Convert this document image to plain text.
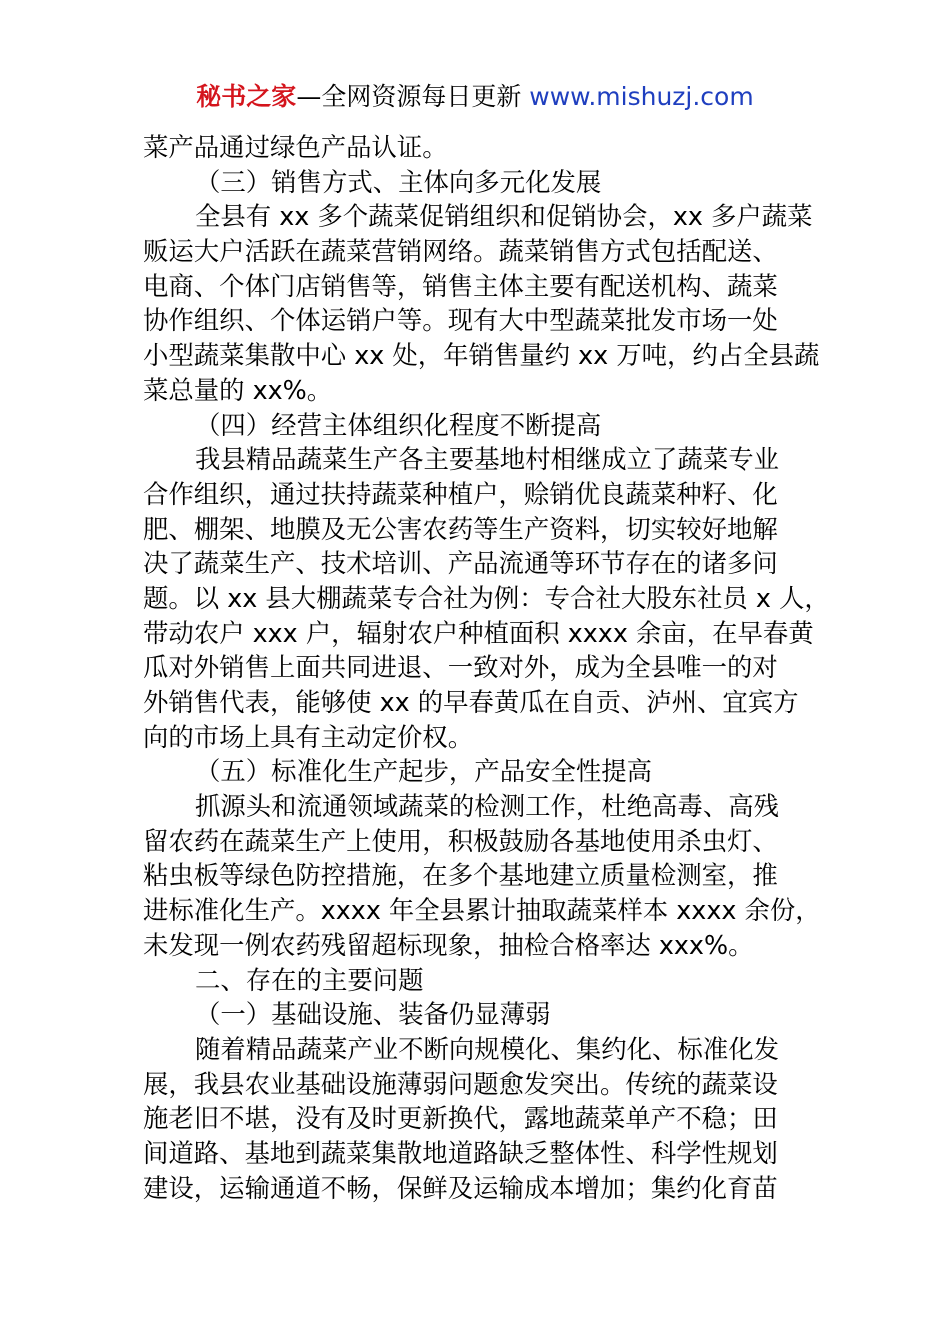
秘书之家—全网资源每日更新 www.mishuzj.com
菜产品通过绿色产品认证。
（三）销售方式、主体向多元化发展
全县有 xx 多个蔬菜促销组织和促销协会，xx 多户蔬菜
贩运大户活跃在蔬菜营销网络。蔬菜销售方式包括配送、
电商、个体门店销售等，销售主体主要有配送机构、蔬菜
协作组织、个体运销户等。现有大中型蔬菜批发市场一处
小型蔬菜集散中心 xx 处，年销售量约 xx 万吨，约占全县蔬
菜总量的 xx%。
（四）经营主体组织化程度不断提高
我县精品蔬菜生产各主要基地村相继成立了蔬菜专业
合作组织，通过扶持蔬菜种植户，赊销优良蔬菜种籽、化
肥、棚架、地膜及无公害农药等生产资料，切实较好地解
决了蔬菜生产、技术培训、产品流通等环节存在的诸多问
题。以 xx 县大棚蔬菜专合社为例：专合社大股东社员 x 人，
带动农户 xxx 户，辐射农户种植面积 xxxx 余亩，在早春黄
瓜对外销售上面共同进退、一致对外，成为全县唯一的对
外销售代表，能够使 xx 的早春黄瓜在自贡、泸州、宜宾方
向的市场上具有主动定价权。
（五）标准化生产起步，产品安全性提高
抓源头和流通领域蔬菜的检测工作，杜绝高毒、高残
留农药在蔬菜生产上使用，积极鼓励各基地使用杀虫灯、
粘虫板等绿色防控措施，在多个基地建立质量检测室，推
进标准化生产。xxxx 年全县累计抽取蔬菜样本 xxxx 余份，
未发现一例农药残留超标现象，抽检合格率达 xxx%。
二、存在的主要问题
（一）基础设施、装备仍显薄弱
随着精品蔬菜产业不断向规模化、集约化、标准化发
展，我县农业基础设施薄弱问题愈发突出。传统的蔬菜设
施老旧不堪，没有及时更新换代，露地蔬菜单产不稳；田
间道路、基地到蔬菜集散地道路缺乏整体性、科学性规划
建设，运输通道不畅，保鲜及运输成本增加；集约化育苗
